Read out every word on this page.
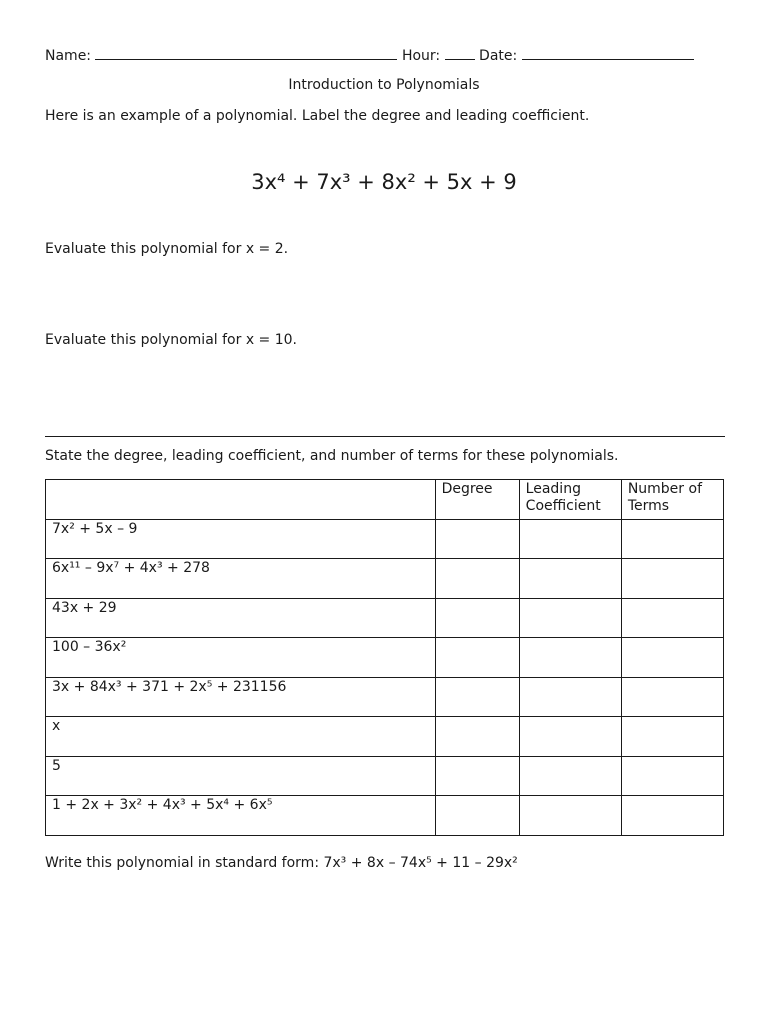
Name:	Hour:	Date:
Introduction to Polynomials
Here is an example of a polynomial. Label the degree and leading coefficient.
3x⁴ + 7x³ + 8x² + 5x + 9
Evaluate this polynomial for x = 2.
Evaluate this polynomial for x = 10.
State the degree, leading coefficient, and number of terms for these polynomials.
	Degree	Leading Coefficient	Number of Terms
7x² + 5x – 9			
6x¹¹ – 9x⁷ + 4x³ + 278			
43x + 29			
100 – 36x²			
3x + 84x³ + 371 + 2x⁵ + 231156			
x			
5			
1 + 2x + 3x² + 4x³ + 5x⁴ + 6x⁵			
Write this polynomial in standard form: 7x³ + 8x – 74x⁵ + 11 – 29x²
